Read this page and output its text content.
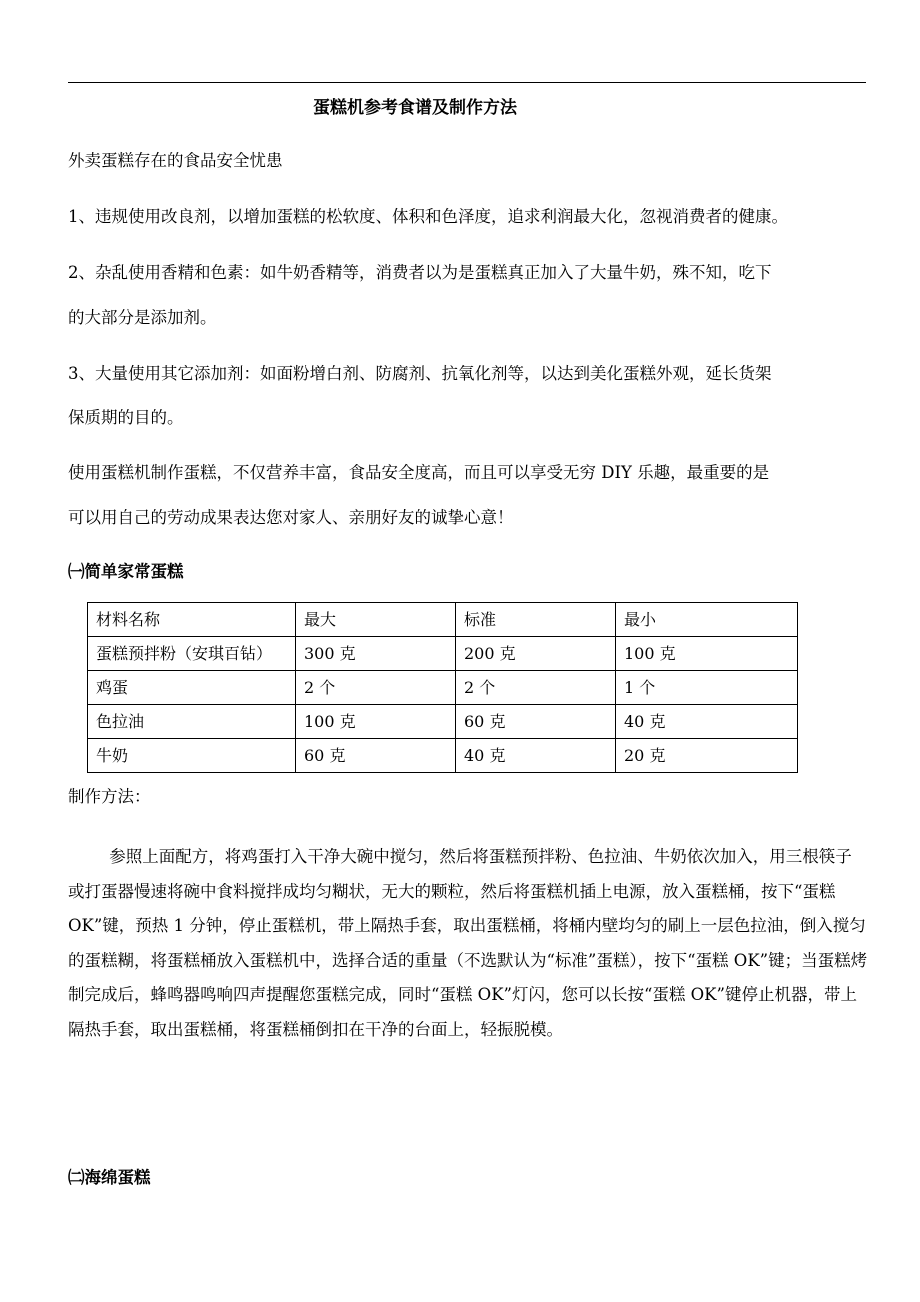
蛋糕机参考食谱及制作方法
外卖蛋糕存在的食品安全忧患
1、违规使用改良剂，以增加蛋糕的松软度、体积和色泽度，追求利润最大化，忽视消费者的健康。
2、杂乱使用香精和色素：如牛奶香精等，消费者以为是蛋糕真正加入了大量牛奶，殊不知，吃下
的大部分是添加剂。
3、大量使用其它添加剂：如面粉增白剂、防腐剂、抗氧化剂等，以达到美化蛋糕外观，延长货架
保质期的目的。
使用蛋糕机制作蛋糕，不仅营养丰富，食品安全度高，而且可以享受无穷 DIY 乐趣，最重要的是
可以用自己的劳动成果表达您对家人、亲朋好友的诚挚心意！
㈠简单家常蛋糕
材料名称	最大	标准	最小
蛋糕预拌粉（安琪百钻）	300 克	200 克	100 克
鸡蛋	2 个	2 个	1 个
色拉油	100 克	60 克	40 克
牛奶	60 克	40 克	20 克
制作方法：

参照上面配方，将鸡蛋打入干净大碗中搅匀，然后将蛋糕预拌粉、色拉油、牛奶依次加入，用三根筷子或打蛋器慢速将碗中食料搅拌成均匀糊状，无大的颗粒，然后将蛋糕机插上电源，放入蛋糕桶，按下“蛋糕 OK”键，预热 1 分钟，停止蛋糕机，带上隔热手套，取出蛋糕桶，将桶内壁均匀的刷上一层色拉油，倒入搅匀的蛋糕糊，将蛋糕桶放入蛋糕机中，选择合适的重量（不选默认为“标准”蛋糕），按下“蛋糕 OK”键；当蛋糕烤制完成后，蜂鸣器鸣响四声提醒您蛋糕完成，同时“蛋糕 OK”灯闪，您可以长按“蛋糕 OK”键停止机器，带上隔热手套，取出蛋糕桶，将蛋糕桶倒扣在干净的台面上，轻振脱模。

㈡海绵蛋糕
